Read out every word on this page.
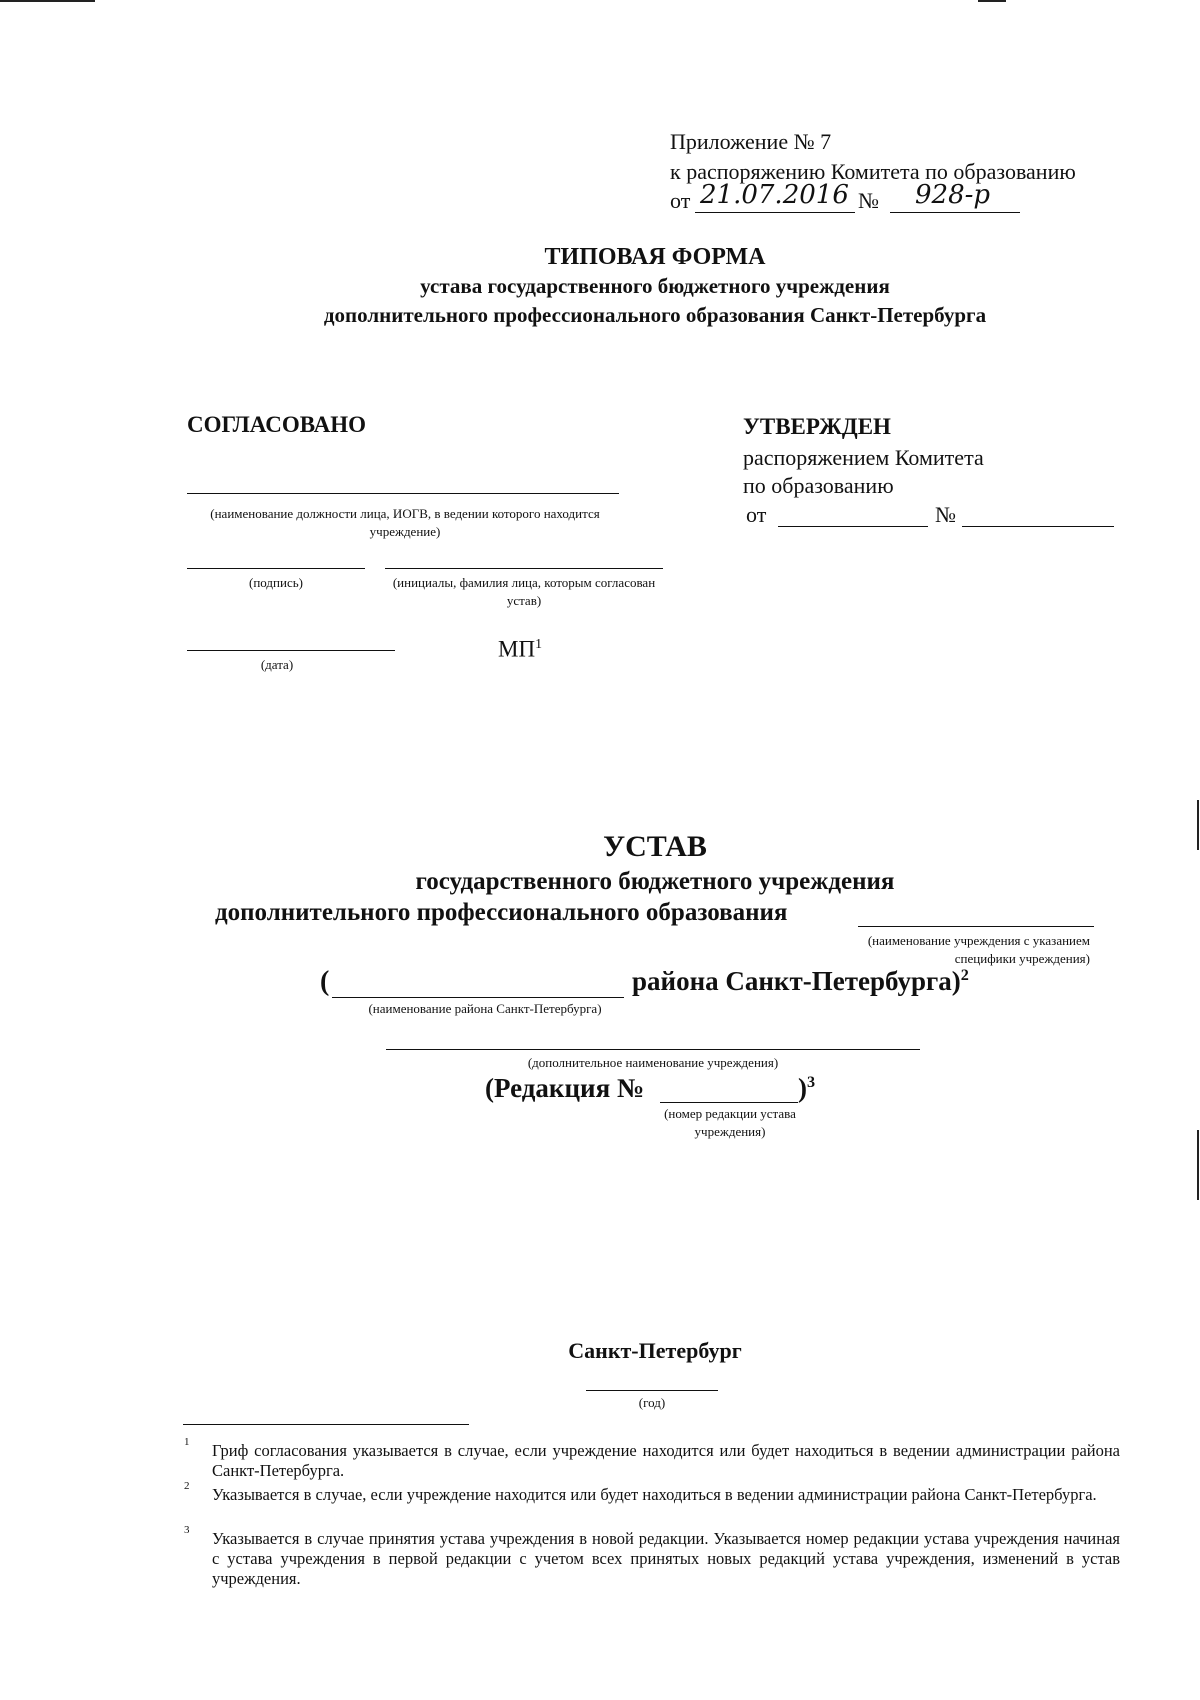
Приложение № 7
к распоряжению Комитета по образованию
от 21.07.2016 № 928-р
ТИПОВАЯ ФОРМА
устава государственного бюджетного учреждения
дополнительного профессионального образования Санкт-Петербурга
СОГЛАСОВАНО
(наименование должности лица, ИОГВ, в ведении которого находится учреждение)
(подпись)	(инициалы, фамилия лица, которым согласован устав)
(дата)
$МП^1$
УТВЕРЖДЕН
распоряжением Комитета
по образованию
от	№
УСТАВ
государственного бюджетного учреждения
дополнительного профессионального образования
(наименование учреждения с указанием специфики учреждения)
(	района Санкт-Петербурга)$^2$
(наименование района Санкт-Петербурга)
(дополнительное наименование учреждения)
(Редакция №	)$^3$
(номер редакции устава учреждения)
Санкт-Петербург
(год)
1 Гриф согласования указывается в случае, если учреждение находится или будет находиться в ведении администрации района Санкт-Петербурга.
2 Указывается в случае, если учреждение находится или будет находиться в ведении администрации района Санкт-Петербурга.
3 Указывается в случае принятия устава учреждения в новой редакции. Указывается номер редакции устава учреждения начиная с устава учреждения в первой редакции с учетом всех принятых новых редакций устава учреждения, изменений в устав учреждения.
